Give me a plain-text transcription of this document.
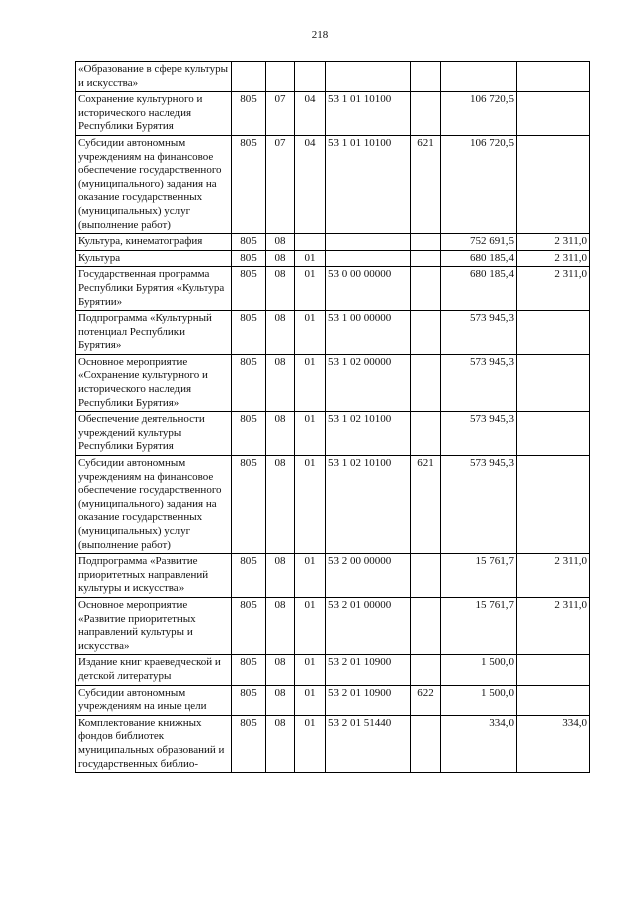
218
«Образование в сфере культуры и искусства»							
Сохранение культурного и исторического наследия Республики Бурятия	805	07	04	53 1 01 10100		106 720,5	
Субсидии автономным учреждениям на финансовое обеспечение государственного (муниципального) задания на оказание государственных (муниципальных) услуг (выполнение работ)	805	07	04	53 1 01 10100	621	106 720,5	
Культура, кинематография	805	08				752 691,5	2 311,0
Культура	805	08	01			680 185,4	2 311,0
Государственная программа Республики Бурятия «Культура Бурятии»	805	08	01	53 0 00 00000		680 185,4	2 311,0
Подпрограмма «Культурный потенциал Республики Бурятия»	805	08	01	53 1 00 00000		573 945,3	
Основное мероприятие «Сохранение культурного и исторического наследия Республики Бурятия»	805	08	01	53 1 02 00000		573 945,3	
Обеспечение деятельности учреждений культуры Республики Бурятия	805	08	01	53 1 02 10100		573 945,3	
Субсидии автономным учреждениям на финансовое обеспечение государственного (муниципального) задания на оказание государственных (муниципальных) услуг (выполнение работ)	805	08	01	53 1 02 10100	621	573 945,3	
Подпрограмма «Развитие приоритетных направлений культуры и искусства»	805	08	01	53 2 00 00000		15 761,7	2 311,0
Основное мероприятие «Развитие приоритетных направлений культуры и искусства»	805	08	01	53 2 01 00000		15 761,7	2 311,0
Издание книг краеведческой и детской литературы	805	08	01	53 2 01 10900		1 500,0	
Субсидии автономным учреждениям на иные цели	805	08	01	53 2 01 10900	622	1 500,0	
Комплектование книжных фондов библиотек муниципальных образований и государственных библио-	805	08	01	53 2 01 51440		334,0	334,0
